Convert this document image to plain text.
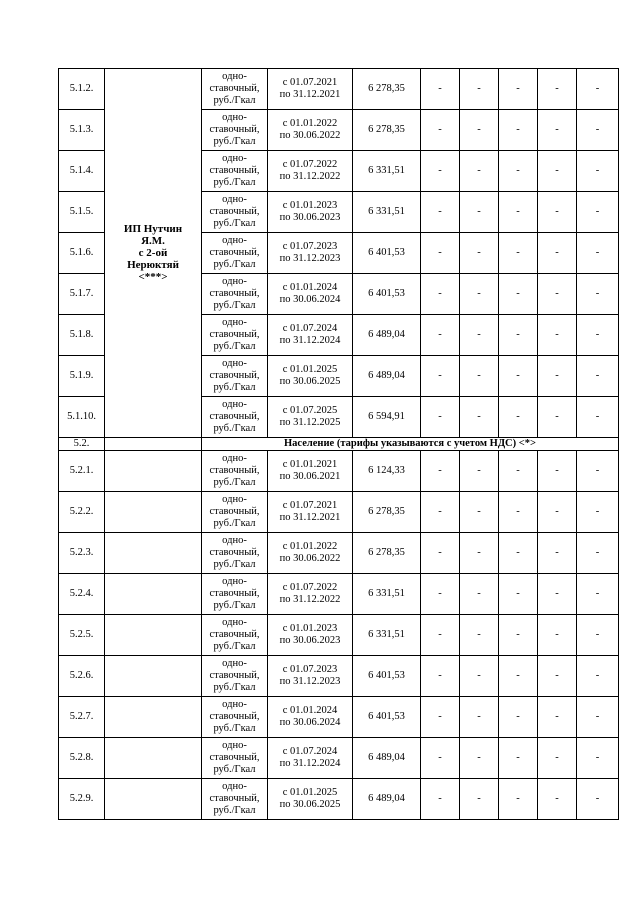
5.1.2.	ИП Нутчин
Я.М.
с 2-ой
Нерюктяй
<***>	одно-
ставочный,
руб./Гкал	с 01.07.2021
по 31.12.2021	6 278,35	-	-	-	-	-
5.1.3.		одно-
ставочный,
руб./Гкал	с 01.01.2022
по 30.06.2022	6 278,35	-	-	-	-	-
5.1.4.		одно-
ставочный,
руб./Гкал	с 01.07.2022
по 31.12.2022	6 331,51	-	-	-	-	-
5.1.5.		одно-
ставочный,
руб./Гкал	с 01.01.2023
по 30.06.2023	6 331,51	-	-	-	-	-
5.1.6.		одно-
ставочный,
руб./Гкал	с 01.07.2023
по 31.12.2023	6 401,53	-	-	-	-	-
5.1.7.		одно-
ставочный,
руб./Гкал	с 01.01.2024
по 30.06.2024	6 401,53	-	-	-	-	-
5.1.8.		одно-
ставочный,
руб./Гкал	с 01.07.2024
по 31.12.2024	6 489,04	-	-	-	-	-
5.1.9.		одно-
ставочный,
руб./Гкал	с 01.01.2025
по 30.06.2025	6 489,04	-	-	-	-	-
5.1.10.		одно-
ставочный,
руб./Гкал	с 01.07.2025
по 31.12.2025	6 594,91	-	-	-	-	-
5.2.		Население (тарифы указываются с учетом НДС) <*>							
5.2.1.		одно-
ставочный,
руб./Гкал	с 01.01.2021
по 30.06.2021	6 124,33	-	-	-	-	-
5.2.2.		одно-
ставочный,
руб./Гкал	с 01.07.2021
по 31.12.2021	6 278,35	-	-	-	-	-
5.2.3.		одно-
ставочный,
руб./Гкал	с 01.01.2022
по 30.06.2022	6 278,35	-	-	-	-	-
5.2.4.		одно-
ставочный,
руб./Гкал	с 01.07.2022
по 31.12.2022	6 331,51	-	-	-	-	-
5.2.5.		одно-
ставочный,
руб./Гкал	с 01.01.2023
по 30.06.2023	6 331,51	-	-	-	-	-
5.2.6.		одно-
ставочный,
руб./Гкал	с 01.07.2023
по 31.12.2023	6 401,53	-	-	-	-	-
5.2.7.		одно-
ставочный,
руб./Гкал	с 01.01.2024
по 30.06.2024	6 401,53	-	-	-	-	-
5.2.8.		одно-
ставочный,
руб./Гкал	с 01.07.2024
по 31.12.2024	6 489,04	-	-	-	-	-
5.2.9.		одно-
ставочный,
руб./Гкал	с 01.01.2025
по 30.06.2025	6 489,04	-	-	-	-	-
